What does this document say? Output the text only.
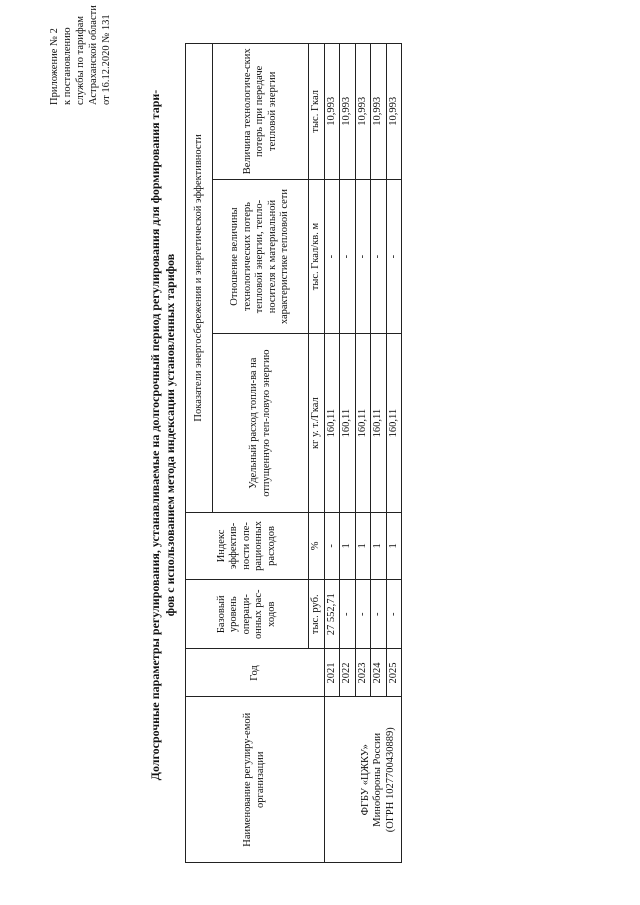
Приложение № 2 к постановлению службы по тарифам Астраханской области от 16.12.2020 № 131
Долгосрочные параметры регулирования, устанавливаемые на долгосрочный период регулирования для формирования тари- фов с использованием метода индексации установленных тарифов
Наименование регулиру-емой организации	Год	Базовый уровень операци-онных рас-ходов	Индекс эффектив-ности опе-рационных расходов	Показатели энергосбережения и энергетической эффективности		
				Удельный расход топли-ва на отпущенную теп-ловую энергию	Отношение величины технологических потерь тепловой энергии, тепло-носителя к материальной характеристике тепловой сети	Величина технологиче-ских потерь при передаче тепловой энергии
		тыс. руб.	%	кг у. т./Гкал	тыс. Гкал/кв. м	тыс. Гкал

ФГБУ «ЦЖКУ» Минобороны России (ОГРН 1027700430889)	2021	27 552,71	-	160,11	-	10,993
	2022	-	1	160,11	-	10,993
	2023	-	1	160,11	-	10,993
	2024	-	1	160,11	-	10,993
	2025	-	1	160,11	-	10,993
